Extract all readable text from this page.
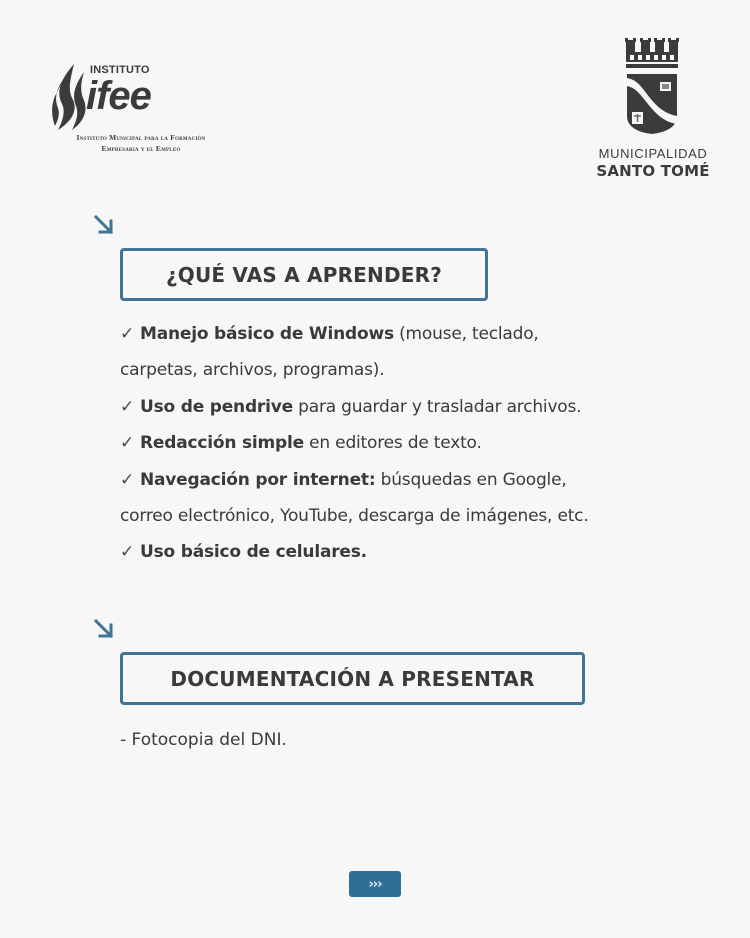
INSTITUTO
ifee
Instituto Municipal para la Formación
Empresaria y el Empleo	MUNICIPALIDAD
SANTO TOMÉ
¿QUÉ VAS A APRENDER?
✓ Manejo básico de Windows (mouse, teclado,
carpetas, archivos, programas).
✓ Uso de pendrive para guardar y trasladar archivos.
✓ Redacción simple en editores de texto.
✓ Navegación por internet: búsquedas en Google,
correo electrónico, YouTube, descarga de imágenes, etc.
✓ Uso básico de celulares.
DOCUMENTACIÓN A PRESENTAR
- Fotocopia del DNI.
›››
